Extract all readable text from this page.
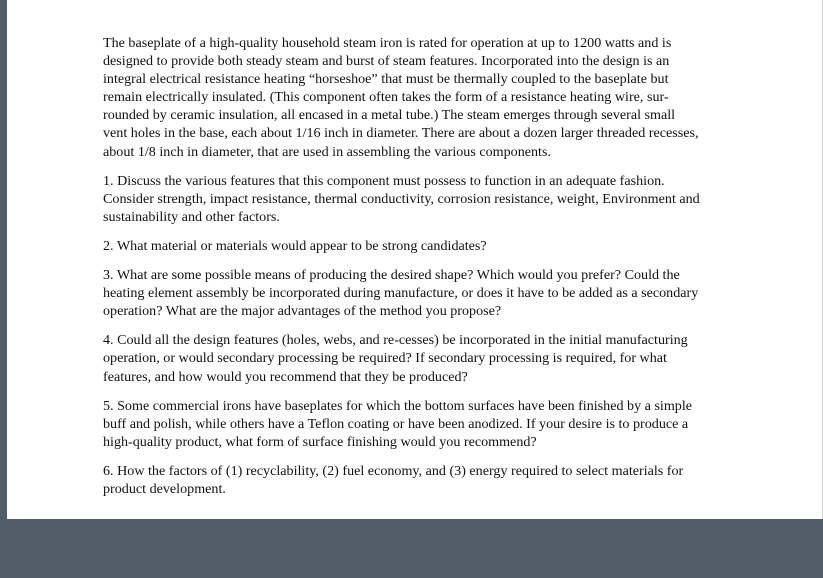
The baseplate of a high-quality household steam iron is rated for operation at up to 1200 watts and is
designed to provide both steady steam and burst of steam features. Incorporated into the design is an
integral electrical resistance heating “horseshoe” that must be thermally coupled to the baseplate but
remain electrically insulated. (This component often takes the form of a resistance heating wire, sur-
rounded by ceramic insulation, all encased in a metal tube.) The steam emerges through several small
vent holes in the base, each about 1/16 inch in diameter. There are about a dozen larger threaded recesses,
about 1/8 inch in diameter, that are used in assembling the various components.

1. Discuss the various features that this component must possess to function in an adequate fashion.
Consider strength, impact resistance, thermal conductivity, corrosion resistance, weight, Environment and
sustainability and other factors.

2. What material or materials would appear to be strong candidates?

3. What are some possible means of producing the desired shape? Which would you prefer? Could the
heating element assembly be incorporated during manufacture, or does it have to be added as a secondary
operation? What are the major advantages of the method you propose?

4. Could all the design features (holes, webs, and re-cesses) be incorporated in the initial manufacturing
operation, or would secondary processing be required? If secondary processing is required, for what
features, and how would you recommend that they be produced?

5. Some commercial irons have baseplates for which the bottom surfaces have been finished by a simple
buff and polish, while others have a Teflon coating or have been anodized. If your desire is to produce a
high-quality product, what form of surface finishing would you recommend?

6. How the factors of (1) recyclability, (2) fuel economy, and (3) energy required to select materials for
product development.
